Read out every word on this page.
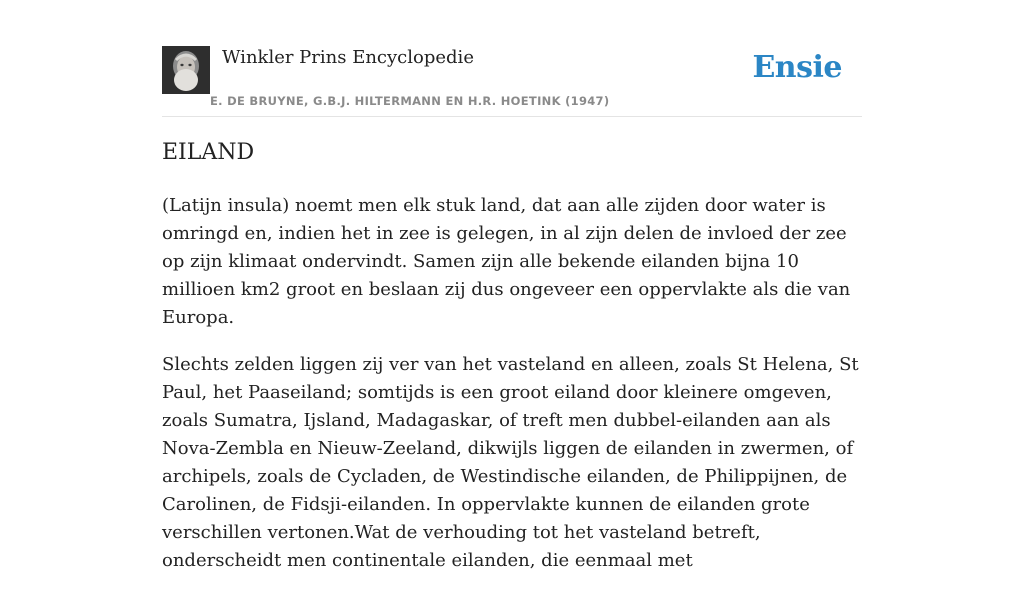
Winkler Prins Encyclopedie
E. DE BRUYNE, G.B.J. HILTERMANN EN H.R. HOETINK (1947)
Ensie
EILAND

(Latijn insula) noemt men elk stuk land, dat aan alle zijden door water is omringd en, indien het in zee is gelegen, in al zijn delen de invloed der zee op zijn klimaat ondervindt. Samen zijn alle bekende eilanden bijna 10 millioen km2 groot en beslaan zij dus ongeveer een oppervlakte als die van Europa.

Slechts zelden liggen zij ver van het vasteland en alleen, zoals St Helena, St Paul, het Paaseiland; somtijds is een groot eiland door kleinere omgeven, zoals Sumatra, Ijsland, Madagaskar, of treft men dubbel-eilanden aan als Nova-Zembla en Nieuw-Zeeland, dikwijls liggen de eilanden in zwermen, of archipels, zoals de Cycladen, de Westindische eilanden, de Philippijnen, de Carolinen, de Fidsji-eilanden. In oppervlakte kunnen de eilanden grote verschillen vertonen.Wat de verhouding tot het vasteland betreft, onderscheidt men continentale eilanden, die eenmaal met
